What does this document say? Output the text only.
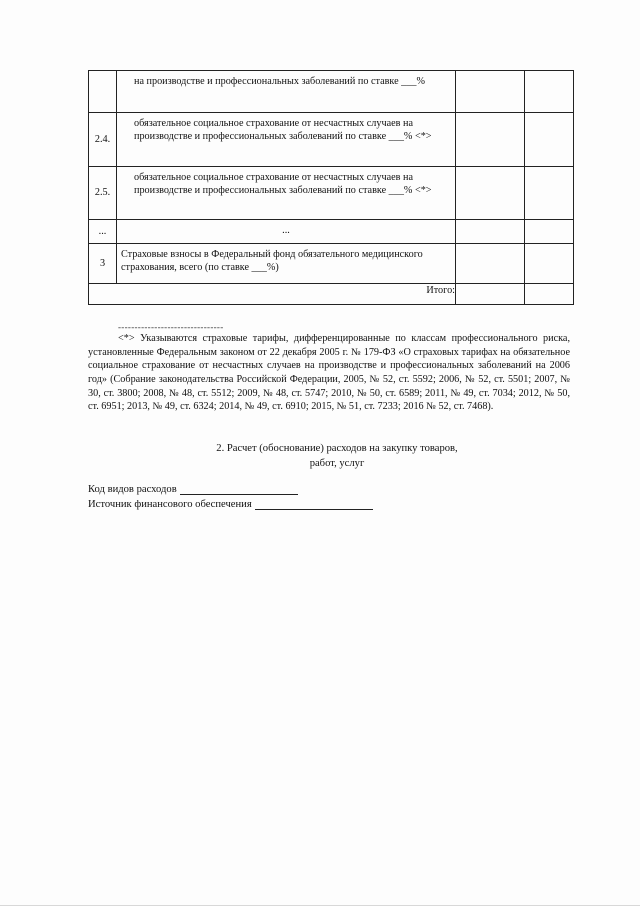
	на производстве и профессиональных заболеваний по ставке ___%		

2.4.	обязательное социальное страхование от несчастных случаев на производстве и профессиональных заболеваний по ставке ___% <*>		

2.5.	обязательное социальное страхование от несчастных случаев на производстве и профессиональных заболеваний по ставке ___% <*>		

...	...		

3	Страховые взносы в Федеральный фонд обязательного медицинского страхования, всего (по ставке ___%)		

Итого:			
--------------------------------

<*> Указываются страховые тарифы, дифференцированные по классам профессионального риска, установленные Федеральным законом от 22 декабря 2005 г. № 179-ФЗ «О страховых тарифах на обязательное социальное страхование от несчастных случаев на производстве и профессиональных заболеваний на 2006 год» (Собрание законодательства Российской Федерации, 2005, № 52, ст. 5592; 2006, № 52, ст. 5501; 2007, № 30, ст. 3800; 2008, № 48, ст. 5512; 2009, № 48, ст. 5747; 2010, № 50, ст. 6589; 2011, № 49, ст. 7034; 2012, № 50, ст. 6951; 2013, № 49, ст. 6324; 2014, № 49, ст. 6910; 2015, № 51, ст. 7233; 2016 № 52, ст. 7468).

2. Расчет (обоснование) расходов на закупку товаров,
работ, услуг
Код видов расходов
Источник финансового обеспечения
